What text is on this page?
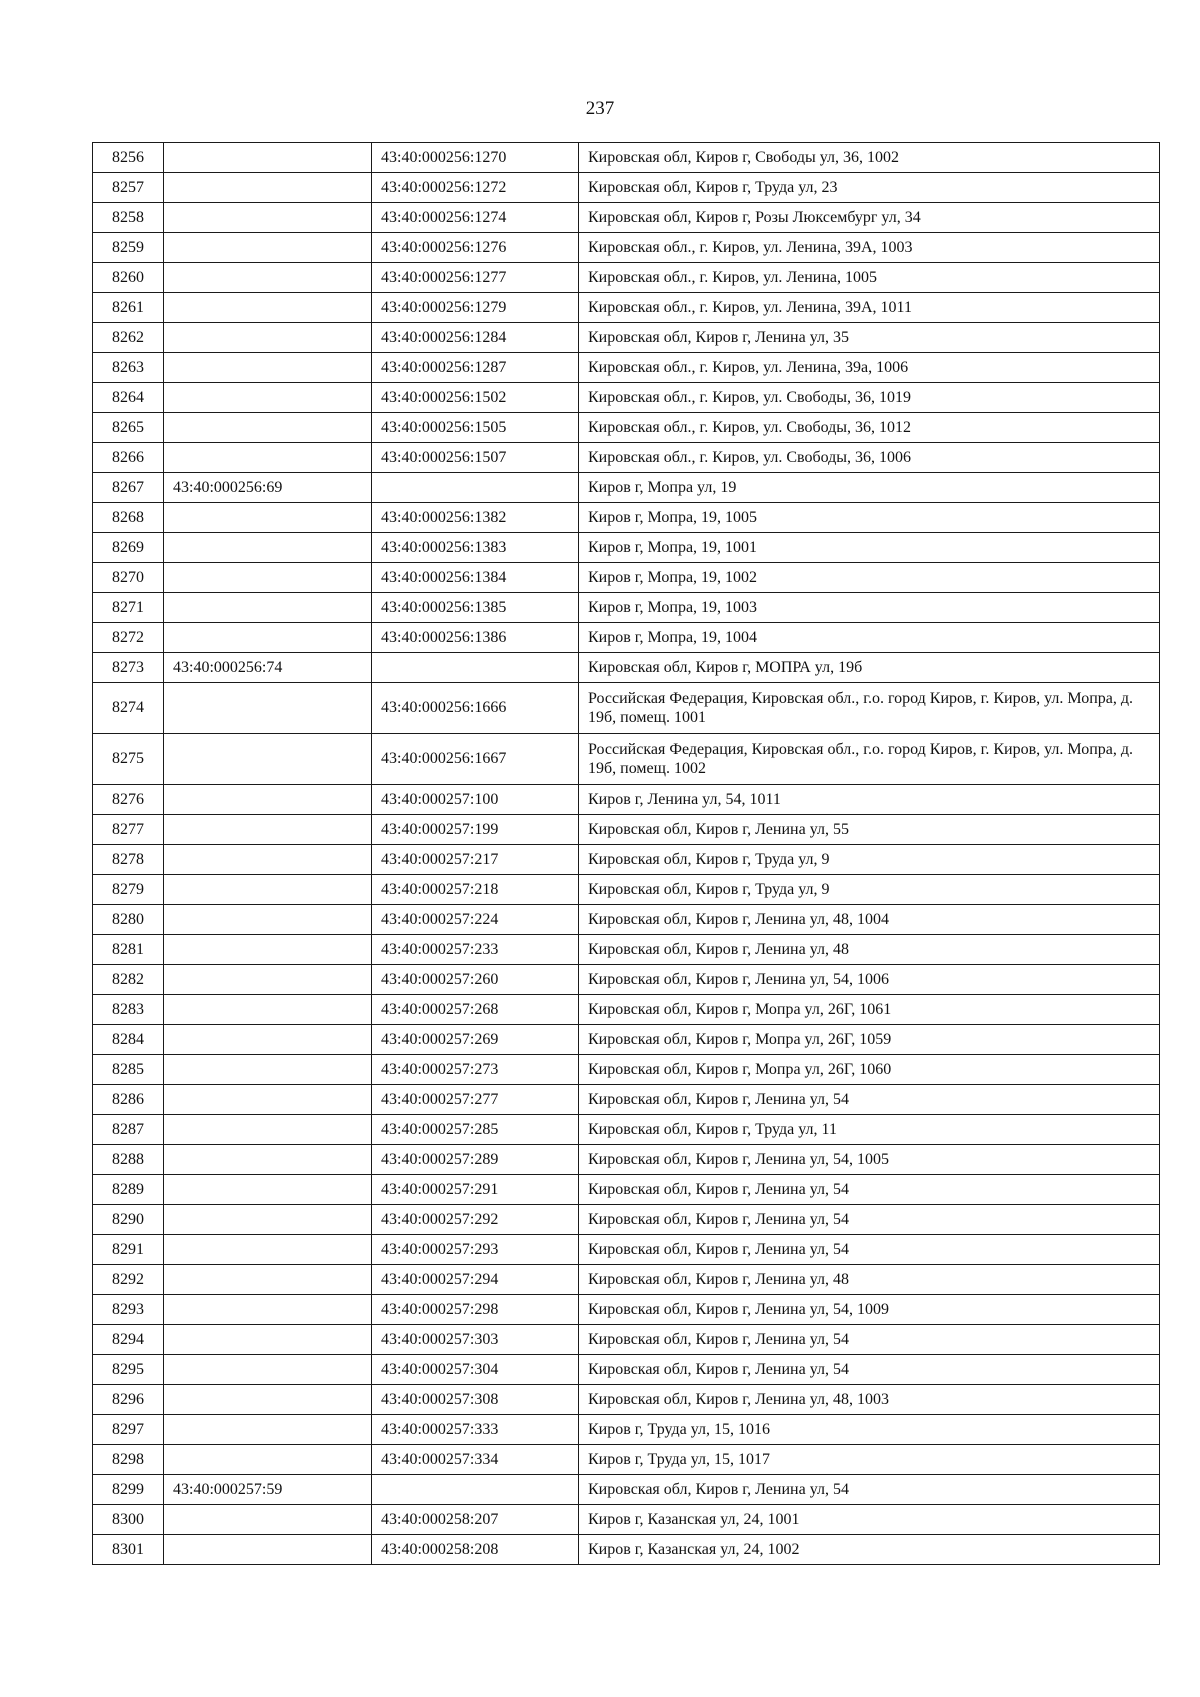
237
8256		43:40:000256:1270	Кировская обл, Киров г, Свободы ул, 36, 1002
8257		43:40:000256:1272	Кировская обл, Киров г, Труда ул, 23
8258		43:40:000256:1274	Кировская обл, Киров г, Розы Люксембург ул, 34
8259		43:40:000256:1276	Кировская обл., г. Киров, ул. Ленина, 39А, 1003
8260		43:40:000256:1277	Кировская обл., г. Киров, ул. Ленина, 1005
8261		43:40:000256:1279	Кировская обл., г. Киров, ул. Ленина, 39А, 1011
8262		43:40:000256:1284	Кировская обл, Киров г, Ленина ул, 35
8263		43:40:000256:1287	Кировская обл., г. Киров, ул. Ленина, 39а, 1006
8264		43:40:000256:1502	Кировская обл., г. Киров, ул. Свободы, 36, 1019
8265		43:40:000256:1505	Кировская обл., г. Киров, ул. Свободы, 36, 1012
8266		43:40:000256:1507	Кировская обл., г. Киров, ул. Свободы, 36, 1006
8267	43:40:000256:69		Киров г, Мопра ул, 19
8268		43:40:000256:1382	Киров г, Мопра, 19, 1005
8269		43:40:000256:1383	Киров г, Мопра, 19, 1001
8270		43:40:000256:1384	Киров г, Мопра, 19, 1002
8271		43:40:000256:1385	Киров г, Мопра, 19, 1003
8272		43:40:000256:1386	Киров г, Мопра, 19, 1004
8273	43:40:000256:74		Кировская обл, Киров г, МОПРА ул, 19б
8274		43:40:000256:1666	Российская Федерация, Кировская обл., г.о. город Киров, г. Киров, ул. Мопра, д. 19б, помещ. 1001
8275		43:40:000256:1667	Российская Федерация, Кировская обл., г.о. город Киров, г. Киров, ул. Мопра, д. 19б, помещ. 1002
8276		43:40:000257:100	Киров г, Ленина ул, 54, 1011
8277		43:40:000257:199	Кировская обл, Киров г, Ленина ул, 55
8278		43:40:000257:217	Кировская обл, Киров г, Труда ул, 9
8279		43:40:000257:218	Кировская обл, Киров г, Труда ул, 9
8280		43:40:000257:224	Кировская обл, Киров г, Ленина ул, 48, 1004
8281		43:40:000257:233	Кировская обл, Киров г, Ленина ул, 48
8282		43:40:000257:260	Кировская обл, Киров г, Ленина ул, 54, 1006
8283		43:40:000257:268	Кировская обл, Киров г, Мопра ул, 26Г, 1061
8284		43:40:000257:269	Кировская обл, Киров г, Мопра ул, 26Г, 1059
8285		43:40:000257:273	Кировская обл, Киров г, Мопра ул, 26Г, 1060
8286		43:40:000257:277	Кировская обл, Киров г, Ленина ул, 54
8287		43:40:000257:285	Кировская обл, Киров г, Труда ул, 11
8288		43:40:000257:289	Кировская обл, Киров г, Ленина ул, 54, 1005
8289		43:40:000257:291	Кировская обл, Киров г, Ленина ул, 54
8290		43:40:000257:292	Кировская обл, Киров г, Ленина ул, 54
8291		43:40:000257:293	Кировская обл, Киров г, Ленина ул, 54
8292		43:40:000257:294	Кировская обл, Киров г, Ленина ул, 48
8293		43:40:000257:298	Кировская обл, Киров г, Ленина ул, 54, 1009
8294		43:40:000257:303	Кировская обл, Киров г, Ленина ул, 54
8295		43:40:000257:304	Кировская обл, Киров г, Ленина ул, 54
8296		43:40:000257:308	Кировская обл, Киров г, Ленина ул, 48, 1003
8297		43:40:000257:333	Киров г, Труда ул, 15, 1016
8298		43:40:000257:334	Киров г, Труда ул, 15, 1017
8299	43:40:000257:59		Кировская обл, Киров г, Ленина ул, 54
8300		43:40:000258:207	Киров г, Казанская ул, 24, 1001
8301		43:40:000258:208	Киров г, Казанская ул, 24, 1002
